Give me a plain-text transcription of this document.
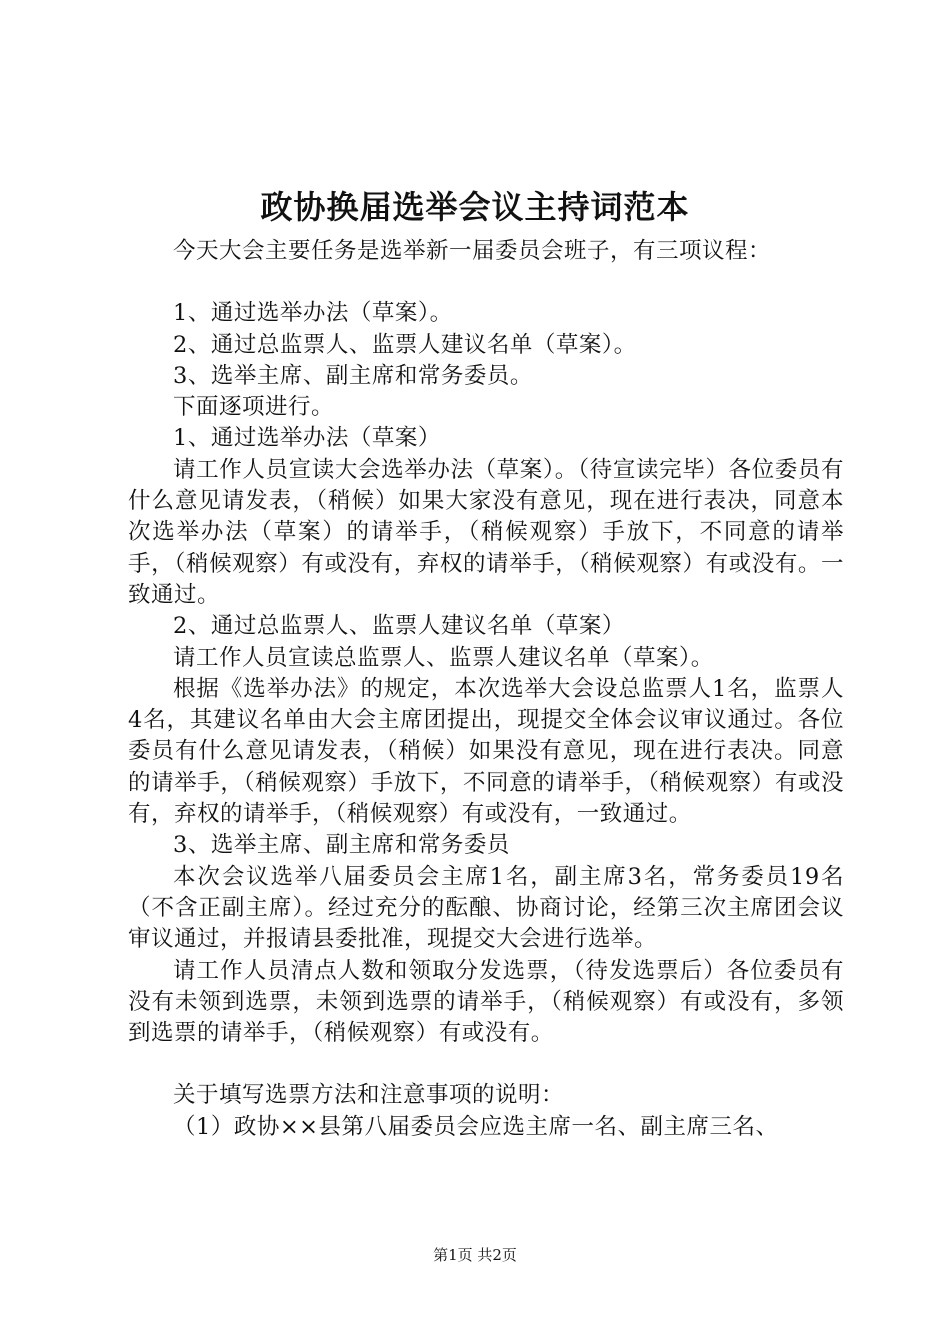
政协换届选举会议主持词范本

今天大会主要任务是选举新一届委员会班子，有三项议程：

1、通过选举办法（草案）。

2、通过总监票人、监票人建议名单（草案）。

3、选举主席、副主席和常务委员。

下面逐项进行。

1、通过选举办法（草案）

请工作人员宣读大会选举办法（草案）。（待宣读完毕）各位委员有什么意见请发表，（稍候）如果大家没有意见，现在进行表决，同意本次选举办法（草案）的请举手，（稍候观察）手放下，不同意的请举手，（稍候观察）有或没有，弃权的请举手，（稍候观察）有或没有。一致通过。

2、通过总监票人、监票人建议名单（草案）

请工作人员宣读总监票人、监票人建议名单（草案）。

根据《选举办法》的规定，本次选举大会设总监票人1名，监票人4名，其建议名单由大会主席团提出，现提交全体会议审议通过。各位委员有什么意见请发表，（稍候）如果没有意见，现在进行表决。同意的请举手，（稍候观察）手放下，不同意的请举手，（稍候观察）有或没有，弃权的请举手，（稍候观察）有或没有，一致通过。

3、选举主席、副主席和常务委员

本次会议选举八届委员会主席1名，副主席3名，常务委员19名（不含正副主席）。经过充分的酝酿、协商讨论，经第三次主席团会议审议通过，并报请县委批准，现提交大会进行选举。

请工作人员清点人数和领取分发选票，（待发选票后）各位委员有没有未领到选票，未领到选票的请举手，（稍候观察）有或没有，多领到选票的请举手，（稍候观察）有或没有。

关于填写选票方法和注意事项的说明：

（1）政协××县第八届委员会应选主席一名、副主席三名、

第1页 共2页
